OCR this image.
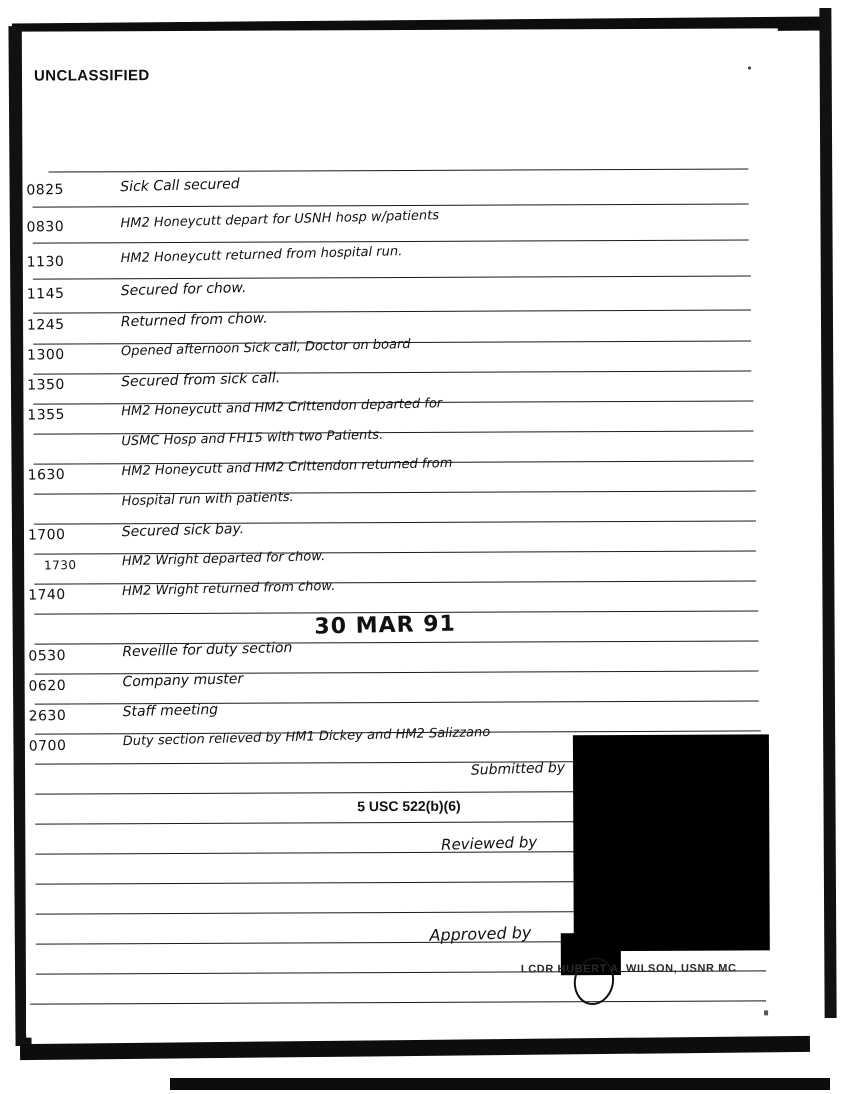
UNCLASSIFIED
0825
0830
1130
1145
1245
1300
1350
1355
1630
1700
1730
1740
0530
0620
2630
0700
Sick Call secured
HM2 Honeycutt depart for USNH hosp w/patients
HM2 Honeycutt returned from hospital run.
Secured for chow.
Returned from chow.
Opened afternoon Sick call, Doctor on board
Secured from sick call.
HM2 Honeycutt and HM2 Crittendon departed for
USMC Hosp and FH15 with two Patients.
HM2 Honeycutt and HM2 Crittendon returned from
Hospital run with patients.
Secured sick bay.
HM2 Wright departed for chow.
HM2 Wright returned from chow.
30 MAR 91
Reveille for duty section
Company muster
Staff meeting
Duty section relieved by HM1 Dickey and HM2 Salizzano
Submitted by
Reviewed by
Approved by
5 USC 522(b)(6)
LCDR HUBERT A. WILSON, USNR MC
